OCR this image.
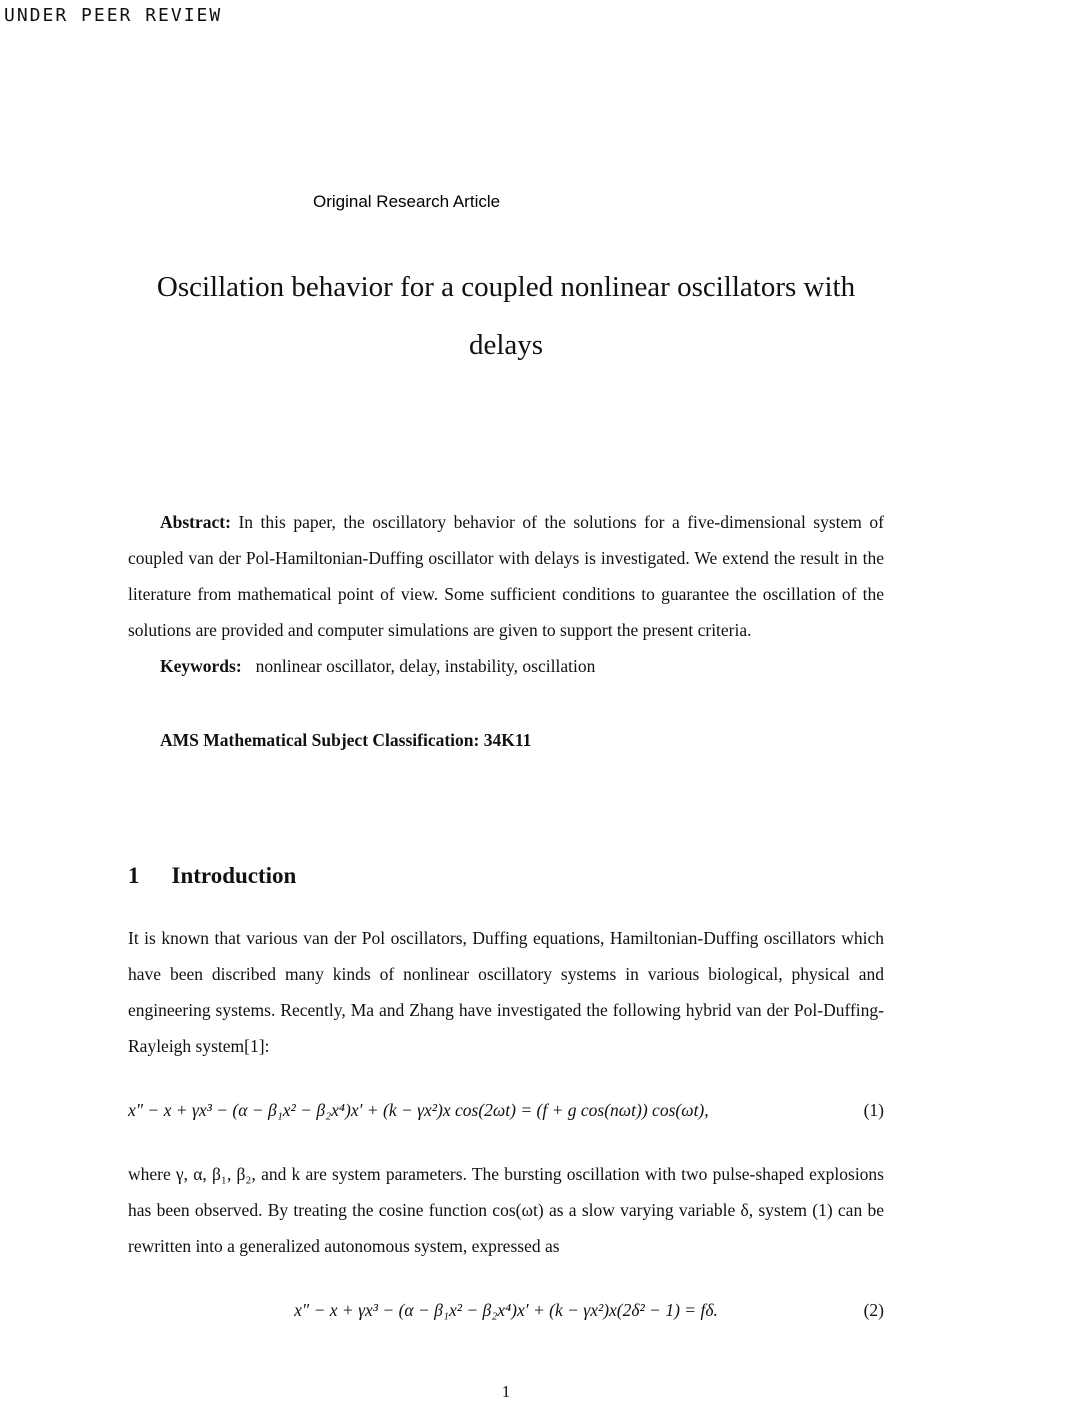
UNDER PEER REVIEW
Original Research Article
Oscillation behavior for a coupled nonlinear oscillators with delays

Abstract: In this paper, the oscillatory behavior of the solutions for a five-dimensional system of coupled van der Pol-Hamiltonian-Duffing oscillator with delays is investigated. We extend the result in the literature from mathematical point of view. Some sufficient conditions to guarantee the oscillation of the solutions are provided and computer simulations are given to support the present criteria.

Keywords: nonlinear oscillator, delay, instability, oscillation

AMS Mathematical Subject Classification: 34K11

1 Introduction

It is known that various van der Pol oscillators, Duffing equations, Hamiltonian-Duffing oscillators which have been discribed many kinds of nonlinear oscillatory systems in various biological, physical and engineering systems. Recently, Ma and Zhang have investigated the following hybrid van der Pol-Duffing-Rayleigh system[1]:

x″ − x + γx³ − (α − β₁x² − β₂x⁴)x′ + (k − γx²)x cos(2ωt) = (f + g cos(nωt)) cos(ωt),	(1)

where γ, α, β₁, β₂, and k are system parameters. The bursting oscillation with two pulse-shaped explosions has been observed. By treating the cosine function cos(ωt) as a slow varying variable δ, system (1) can be rewritten into a generalized autonomous system, expressed as

x″ − x + γx³ − (α − β₁x² − β₂x⁴)x′ + (k − γx²)x(2δ² − 1) = fδ.	(2)
1
